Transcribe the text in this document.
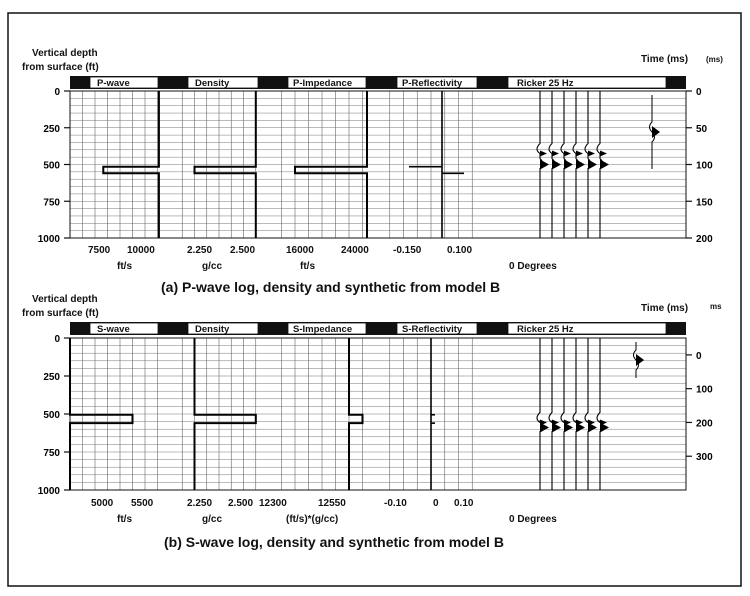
Vertical depth
from surface (ft)
Time (ms) (ms)
P-wave	Density	P-Impedance	P-Reflectivity	Ricker 25 Hz
0
250
500
750
1000
0
50
100
150
200
7500 10000
ft/s
2.250 2.500
g/cc
16000	24000
ft/s
-0.150	0.100
0 Degrees
(a) P-wave log, density and synthetic from model B
Vertical depth
from surface (ft)	Time (ms)	ms
S-wave	Density	S-Impedance	S-Reflectivity	Ricker 25 Hz
0
250
500
750
1000
0
100
200
300
5000 5500
ft/s
2.250 2.500
g/cc
12300	12550
(ft/s)*(g/cc)
-0.10	0 0.10
0 Degrees
(b) S-wave log, density and synthetic from model B
